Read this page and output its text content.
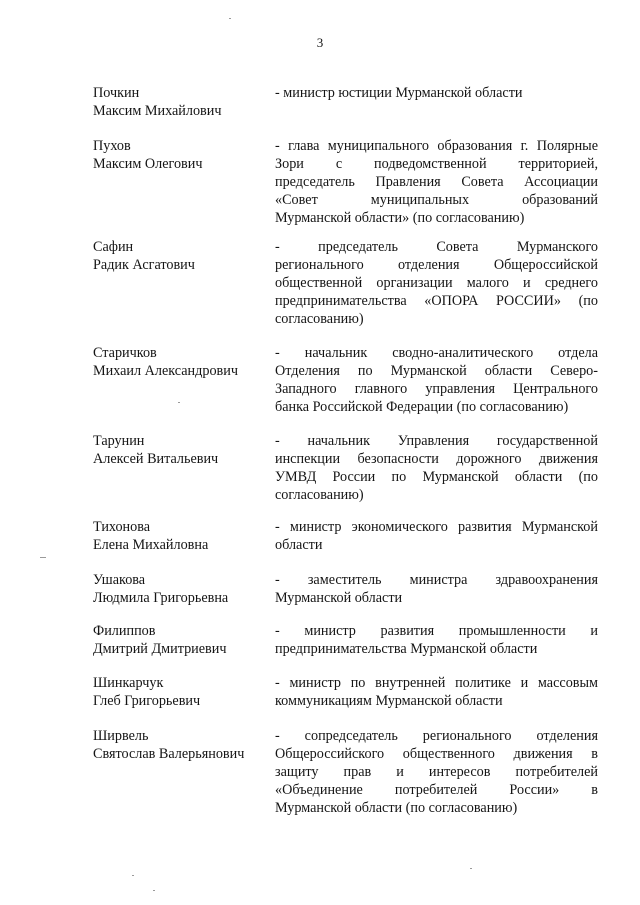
3
Почкин
Максим Михайлович
- министр юстиции Мурманской области
Пухов
Максим Олегович
- глава муниципального образования г. Полярные
Зори с подведомственной территорией,
председатель Правления Совета Ассоциации
«Совет муниципальных образований
Мурманской области» (по согласованию)
Сафин
Радик Асгатович
- председатель Совета Мурманского
регионального отделения Общероссийской
общественной организации малого и среднего
предпринимательства «ОПОРА РОССИИ» (по
согласованию)
Старичков
Михаил Александрович
- начальник сводно-аналитического отдела
Отделения по Мурманской области Северо-
Западного главного управления Центрального
банка Российской Федерации (по согласованию)
Тарунин
Алексей Витальевич
- начальник Управления государственной
инспекции безопасности дорожного движения
УМВД России по Мурманской области (по
согласованию)
Тихонова
Елена Михайловна
- министр экономического развития Мурманской
области
Ушакова
Людмила Григорьевна
- заместитель министра здравоохранения
Мурманской области
Филиппов
Дмитрий Дмитриевич
- министр развития промышленности и
предпринимательства Мурманской области
Шинкарчук
Глеб Григорьевич
- министр по внутренней политике и массовым
коммуникациям Мурманской области
Ширвель
Святослав Валерьянович
- сопредседатель регионального отделения
Общероссийского общественного движения в
защиту прав и интересов потребителей
«Объединение потребителей России» в
Мурманской области (по согласованию)
